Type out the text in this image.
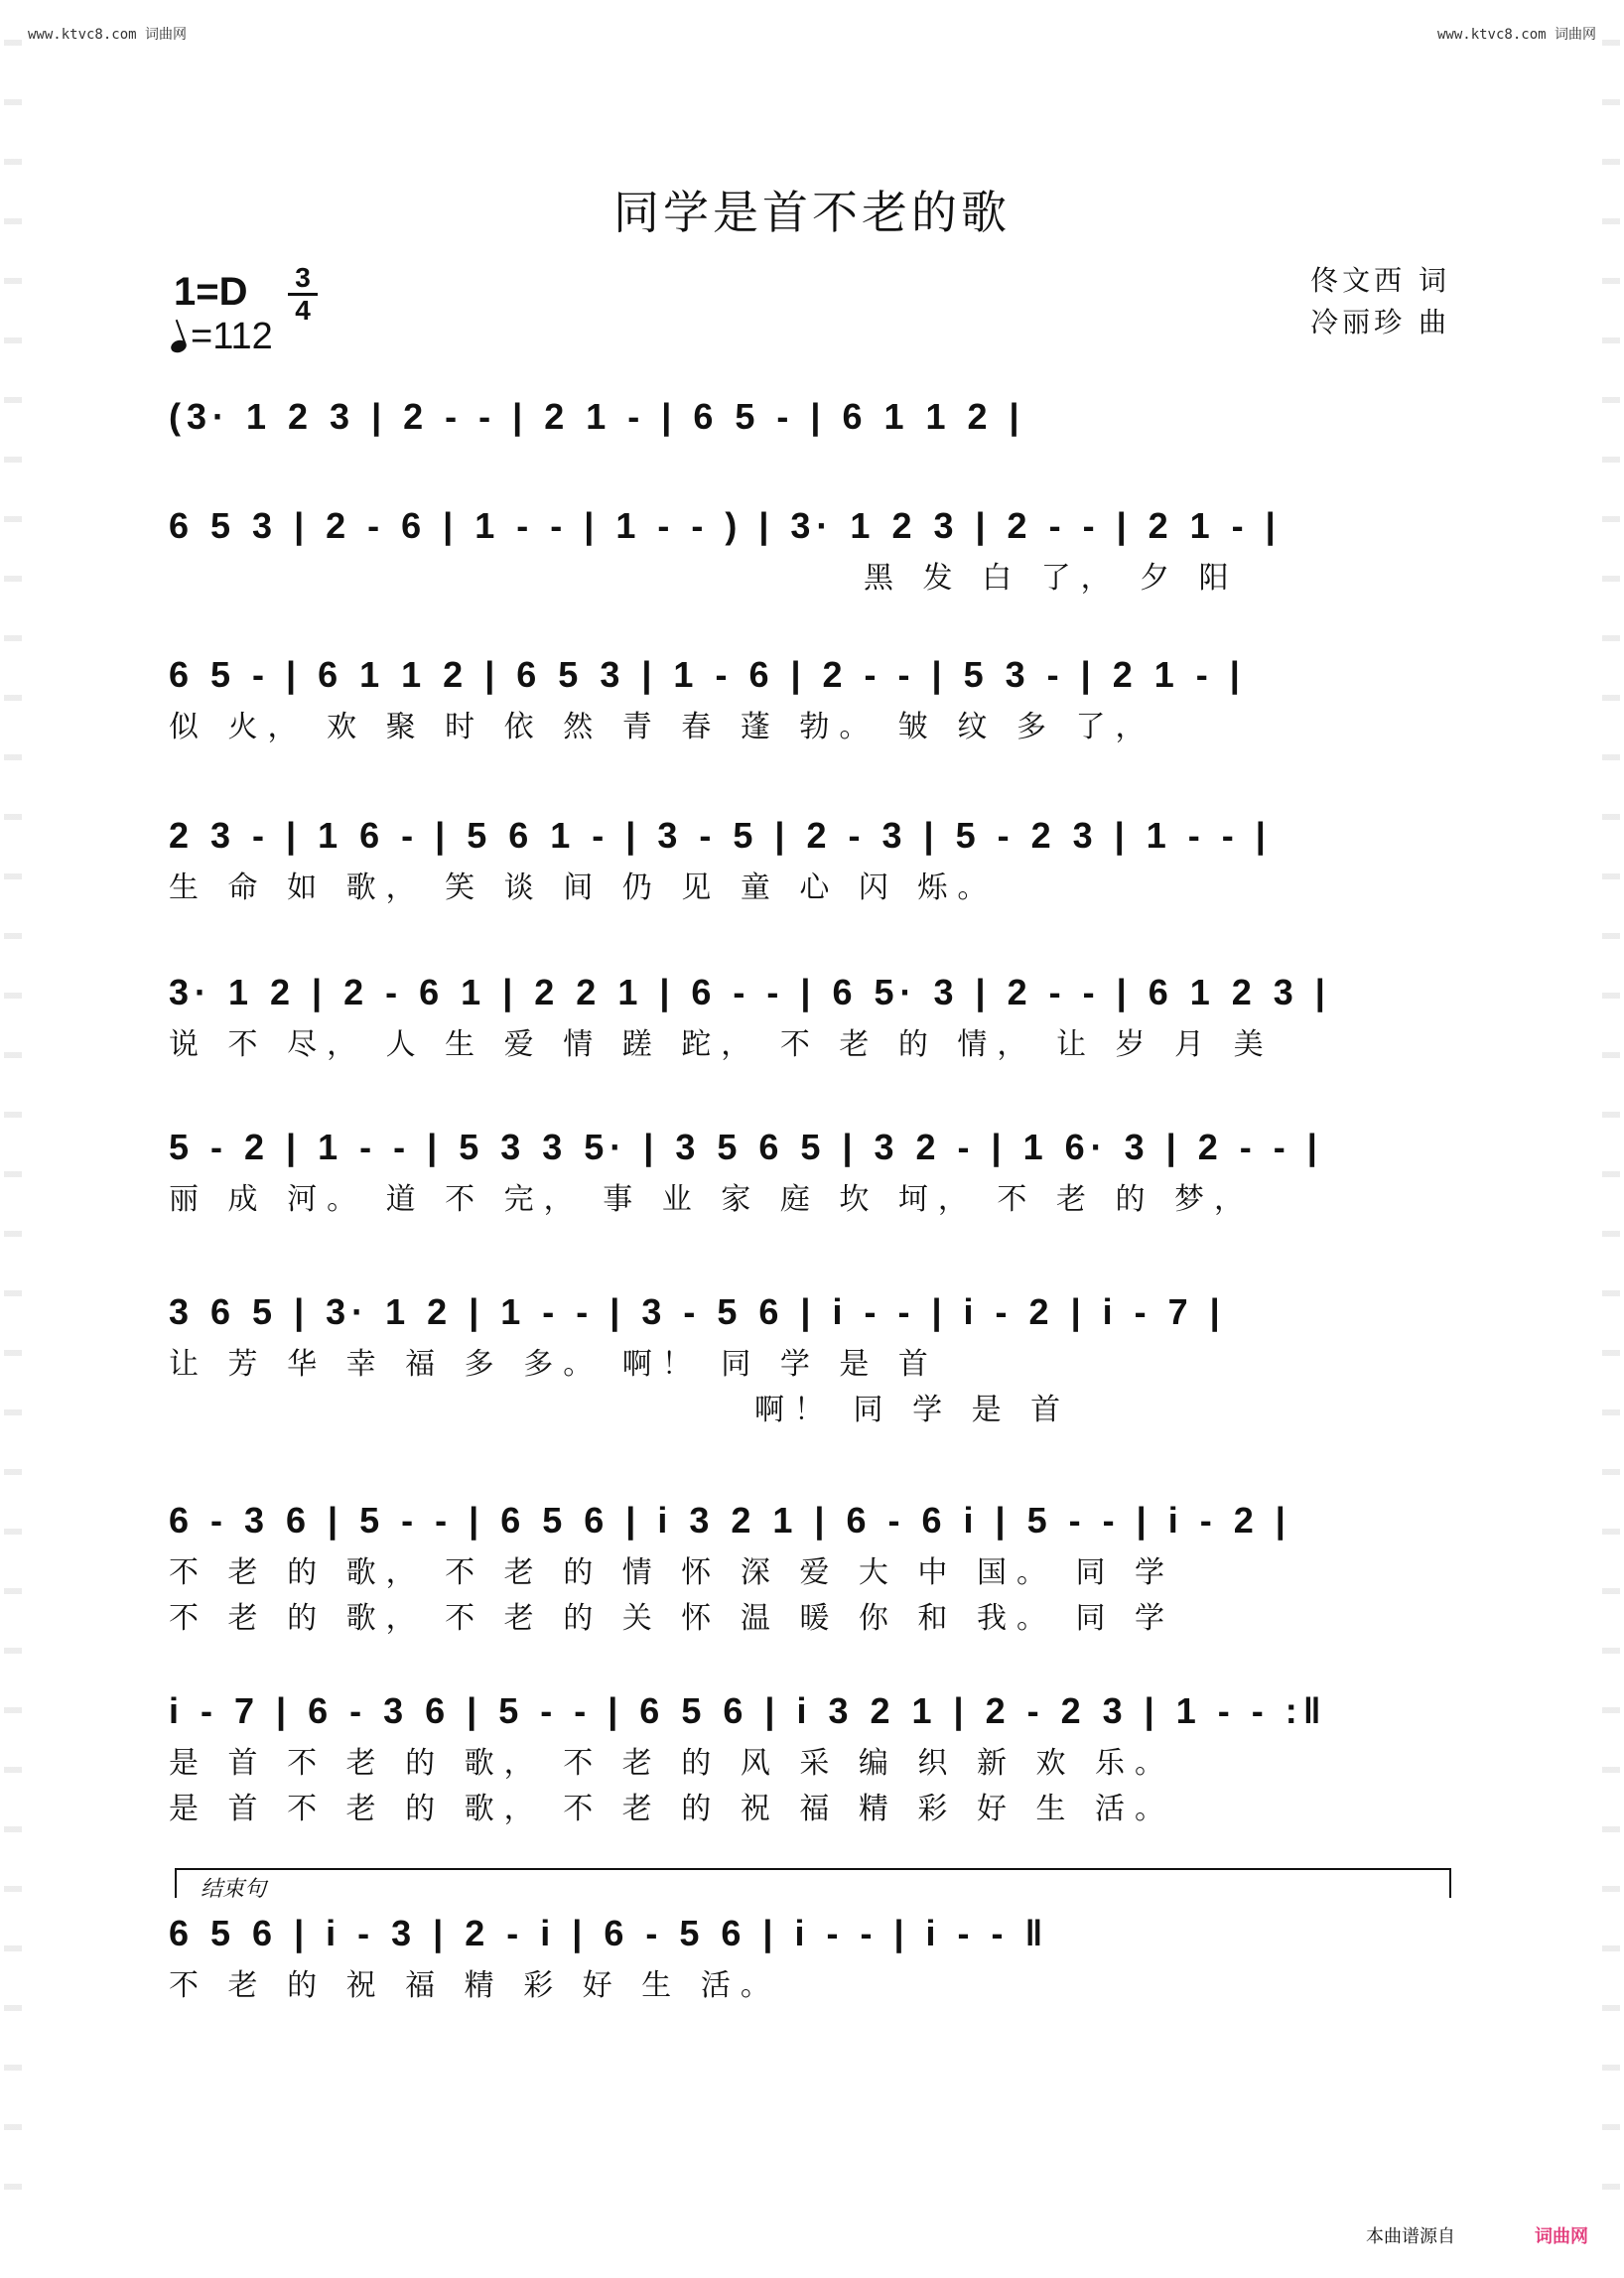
www.ktvc8.com 词曲网	www.ktvc8.com 词曲网
同学是首不老的歌
1=D 3
4
=112
佟文西 词
冷丽珍 曲
(3· 1 2 3 | 2 - - | 2 1 - | 6 5 - | 6 1 1 2 |
6 5 3 | 2 - 6 | 1 - - | 1 - - ) | 3· 1 2 3 | 2 - - | 2 1 - |
黑 发 白 了， 夕 阳
6 5 - | 6 1 1 2 | 6 5 3 | 1 - 6 | 2 - - | 5 3 - | 2 1 - |
似 火， 欢 聚 时 依 然 青 春 蓬 勃。 皱 纹 多 了，
2 3 - | 1 6 - | 5 6 1 - | 3 - 5 | 2 - 3 | 5 - 2 3 | 1 - - |
生 命 如 歌， 笑 谈 间 仍 见 童 心 闪 烁。
3· 1 2 | 2 - 6 1 | 2 2 1 | 6 - - | 6 5· 3 | 2 - - | 6 1 2 3 |
说 不 尽， 人 生 爱 情 蹉 跎， 不 老 的 情， 让 岁 月 美
5 - 2 | 1 - - | 5 3 3 5· | 3 5 6 5 | 3 2 - | 1 6· 3 | 2 - - |
丽 成 河。 道 不 完， 事 业 家 庭 坎 坷， 不 老 的 梦，
3 6 5 | 3· 1 2 | 1 - - | 3 - 5 6 | i - - | i - 2 | i - 7 |
让 芳 华 幸 福 多 多。 啊！ 同 学 是 首
啊！ 同 学 是 首
6 - 3 6 | 5 - - | 6 5 6 | i 3 2 1 | 6 - 6 i | 5 - - | i - 2 |
不 老 的 歌， 不 老 的 情 怀 深 爱 大 中 国。 同 学
不 老 的 歌， 不 老 的 关 怀 温 暖 你 和 我。 同 学
i - 7 | 6 - 3 6 | 5 - - | 6 5 6 | i 3 2 1 | 2 - 2 3 | 1 - - :‖
是 首 不 老 的 歌， 不 老 的 风 采 编 织 新 欢 乐。
是 首 不 老 的 歌， 不 老 的 祝 福 精 彩 好 生 活。
结束句
6 5 6 | i - 3 | 2 - i | 6 - 5 6 | i - - | i - - ‖
不 老 的 祝 福 精 彩 好 生 活。
本曲谱源自	词曲网
